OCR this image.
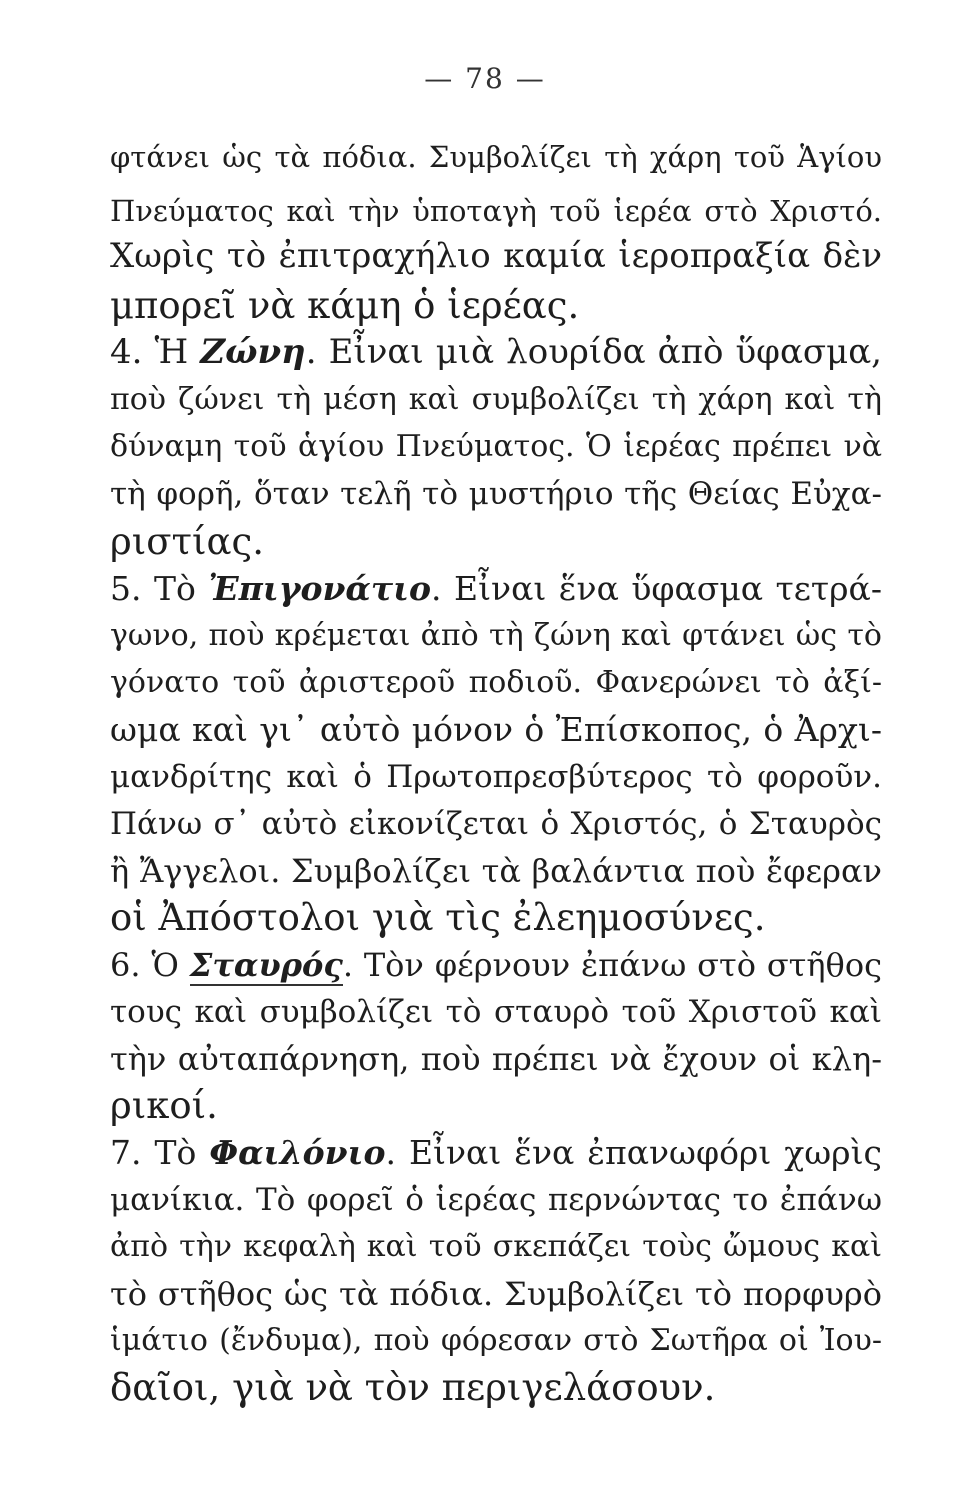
— 78 —
φτάνει ὡς τὰ πόδια. Συμβολίζει τὴ χάρη τοῦ Ἁγίου
Πνεύματος καὶ τὴν ὑποταγὴ τοῦ ἱερέα στὸ Χριστό.
Χωρὶς τὸ ἐπιτραχήλιο καμία ἱεροπραξία δὲν
μπορεῖ νὰ κάμη ὁ ἱερέας.
4. Ἡ Ζώνη. Εἶναι μιὰ λουρίδα ἀπὸ ὕφασμα,
ποὺ ζώνει τὴ μέση καὶ συμβολίζει τὴ χάρη καὶ τὴ
δύναμη τοῦ ἁγίου Πνεύματος. Ὁ ἱερέας πρέπει νὰ
τὴ φορῆ, ὅταν τελῆ τὸ μυστήριο τῆς Θείας Εὐχα-
ριστίας.
5. Τὸ Ἐπιγονάτιο. Εἶναι ἕνα ὕφασμα τετρά-
γωνο, ποὺ κρέμεται ἀπὸ τὴ ζώνη καὶ φτάνει ὡς τὸ
γόνατο τοῦ ἀριστεροῦ ποδιοῦ. Φανερώνει τὸ ἀξί-
ωμα καὶ γι᾿ αὐτὸ μόνον ὁ Ἐπίσκοπος, ὁ Ἀρχι-
μανδρίτης καὶ ὁ Πρωτοπρεσβύτερος τὸ φοροῦν.
Πάνω σ᾿ αὐτὸ εἰκονίζεται ὁ Χριστός, ὁ Σταυρὸς
ἢ Ἄγγελοι. Συμβολίζει τὰ βαλάντια ποὺ ἔφεραν
οἱ Ἀπόστολοι γιὰ τὶς ἐλεημοσύνες.
6. Ὁ Σταυρός. Τὸν φέρνουν ἐπάνω στὸ στῆθος
τους καὶ συμβολίζει τὸ σταυρὸ τοῦ Χριστοῦ καὶ
τὴν αὐταπάρνηση, ποὺ πρέπει νὰ ἔχουν οἱ κλη-
ρικοί.
7. Τὸ Φαιλόνιο. Εἶναι ἕνα ἐπανωφόρι χωρὶς
μανίκια. Τὸ φορεῖ ὁ ἱερέας περνώντας το ἐπάνω
ἀπὸ τὴν κεφαλὴ καὶ τοῦ σκεπάζει τοὺς ὤμους καὶ
τὸ στῆθος ὡς τὰ πόδια. Συμβολίζει τὸ πορφυρὸ
ἱμάτιο (ἔνδυμα), ποὺ φόρεσαν στὸ Σωτῆρα οἱ Ἰου-
δαῖοι, γιὰ νὰ τὸν περιγελάσουν.
